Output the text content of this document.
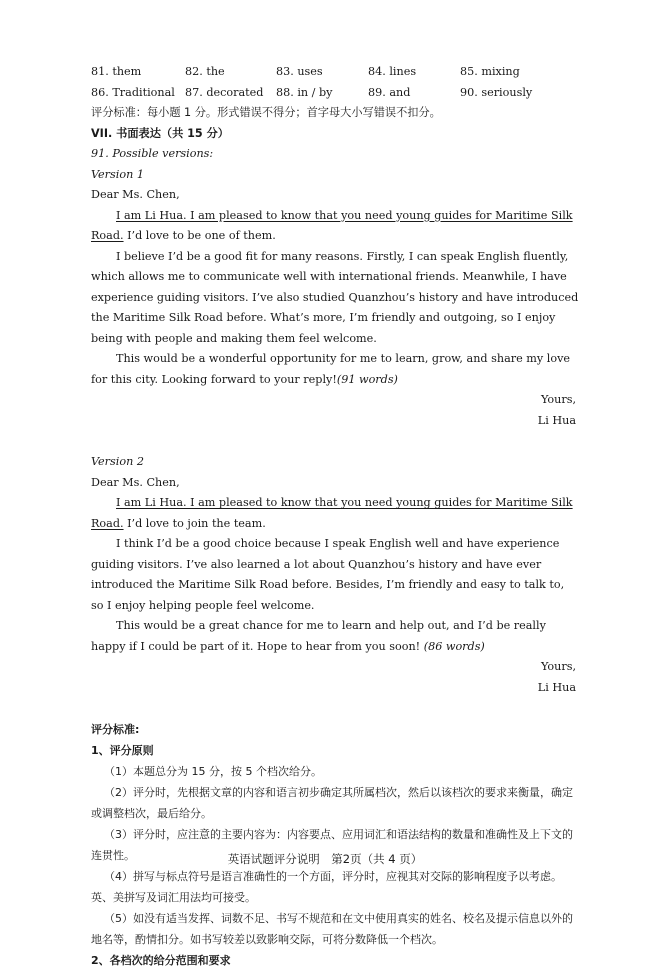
81. them	82. the	83. uses	84. lines	85. mixing
86. Traditional 87. decorated	88. in / by	89. and	90. seriously

评分标准：每小题 1 分。形式错误不得分；首字母大小写错误不扣分。

VII. 书面表达（共 15 分）

91. Possible versions:

Version 1

Dear Ms. Chen,

I am Li Hua. I am pleased to know that you need young guides for Maritime Silk Road. I’d love to be one of them.

I believe I’d be a good fit for many reasons. Firstly, I can speak English fluently, which allows me to communicate well with international friends. Meanwhile, I have experience guiding visitors. I’ve also studied Quanzhou’s history and have introduced the Maritime Silk Road before. What’s more, I’m friendly and outgoing, so I enjoy being with people and making them feel welcome.

This would be a wonderful opportunity for me to learn, grow, and share my love for this city. Looking forward to your reply!(91 words)

Yours,

Li Hua

Version 2

Dear Ms. Chen,

I am Li Hua. I am pleased to know that you need young guides for Maritime Silk Road. I’d love to join the team.

I think I’d be a good choice because I speak English well and have experience guiding visitors. I’ve also learned a lot about Quanzhou’s history and have ever introduced the Maritime Silk Road before. Besides, I’m friendly and easy to talk to, so I enjoy helping people feel welcome.

This would be a great chance for me to learn and help out, and I’d be really happy if I could be part of it. Hope to hear from you soon! (86 words)

Yours,

Li Hua

评分标准:

1、评分原则

（1）本题总分为 15 分，按 5 个档次给分。

（2）评分时，先根据文章的内容和语言初步确定其所属档次，然后以该档次的要求来衡量，确定或调整档次，最后给分。

（3）评分时，应注意的主要内容为：内容要点、应用词汇和语法结构的数量和准确性及上下文的连贯性。

（4）拼写与标点符号是语言准确性的一个方面，评分时，应视其对交际的影响程度予以考虑。英、美拼写及词汇用法均可接受。

（5）如没有适当发挥、词数不足、书写不规范和在文中使用真实的姓名、校名及提示信息以外的地名等，酌情扣分。如书写较差以致影响交际，可将分数降低一个档次。

2、各档次的给分范围和要求

英语试题评分说明　第2页（共 4 页）
